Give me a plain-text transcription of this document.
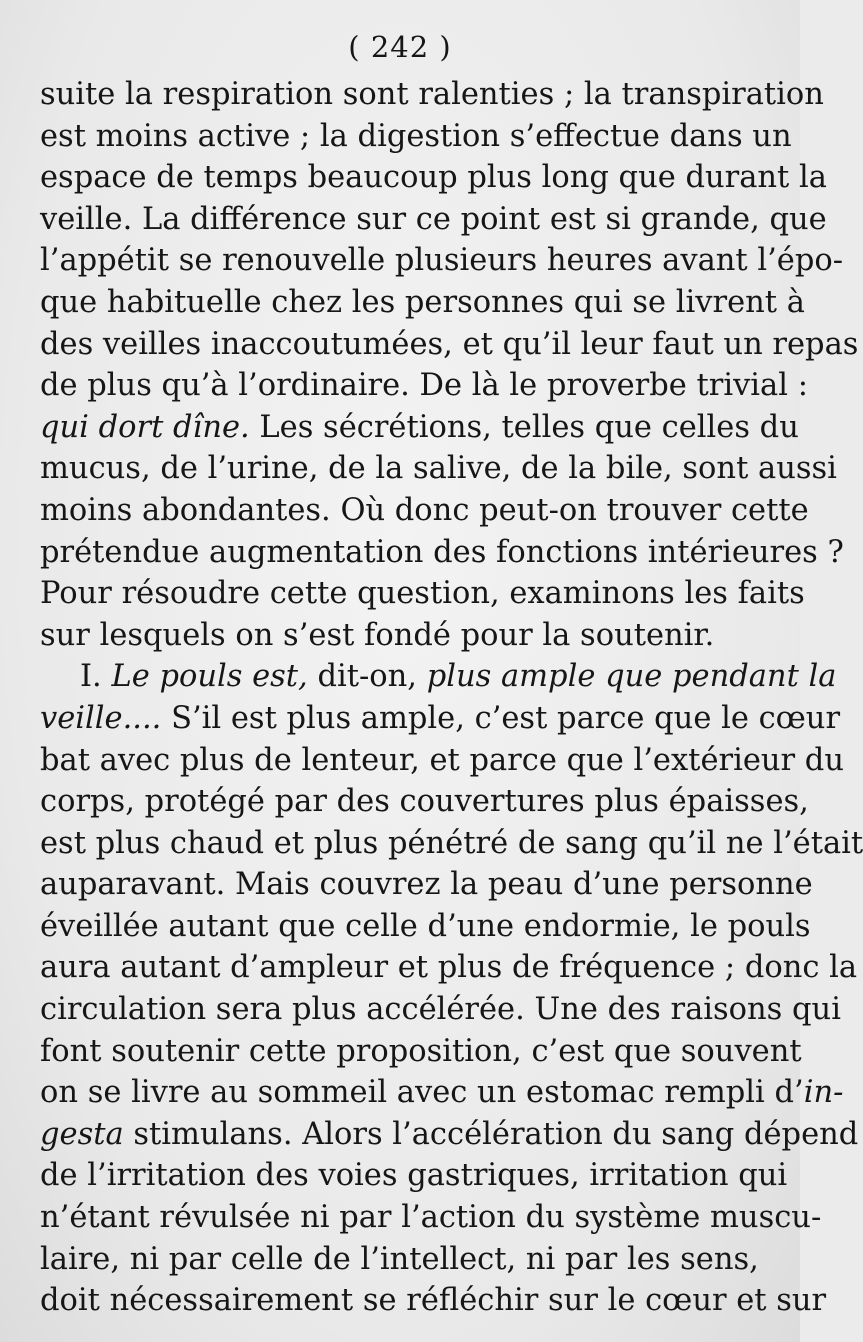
( 242 )
suite la respiration sont ralenties ; la transpiration
est moins active ; la digestion s’effectue dans un
espace de temps beaucoup plus long que durant la
veille. La différence sur ce point est si grande, que
l’appétit se renouvelle plusieurs heures avant l’épo-
que habituelle chez les personnes qui se livrent à
des veilles inaccoutumées, et qu’il leur faut un repas
de plus qu’à l’ordinaire. De là le proverbe trivial :
qui dort dîne. Les sécrétions, telles que celles du
mucus, de l’urine, de la salive, de la bile, sont aussi
moins abondantes. Où donc peut-on trouver cette
prétendue augmentation des fonctions intérieures ?
Pour résoudre cette question, examinons les faits
sur lesquels on s’est fondé pour la soutenir.
I. Le pouls est, dit-on, plus ample que pendant la
veille.... S’il est plus ample, c’est parce que le cœur
bat avec plus de lenteur, et parce que l’extérieur du
corps, protégé par des couvertures plus épaisses,
est plus chaud et plus pénétré de sang qu’il ne l’était
auparavant. Mais couvrez la peau d’une personne
éveillée autant que celle d’une endormie, le pouls
aura autant d’ampleur et plus de fréquence ; donc la
circulation sera plus accélérée. Une des raisons qui
font soutenir cette proposition, c’est que souvent
on se livre au sommeil avec un estomac rempli d’in-
gesta stimulans. Alors l’accélération du sang dépend
de l’irritation des voies gastriques, irritation qui
n’étant révulsée ni par l’action du système muscu-
laire, ni par celle de l’intellect, ni par les sens,
doit nécessairement se réfléchir sur le cœur et sur
